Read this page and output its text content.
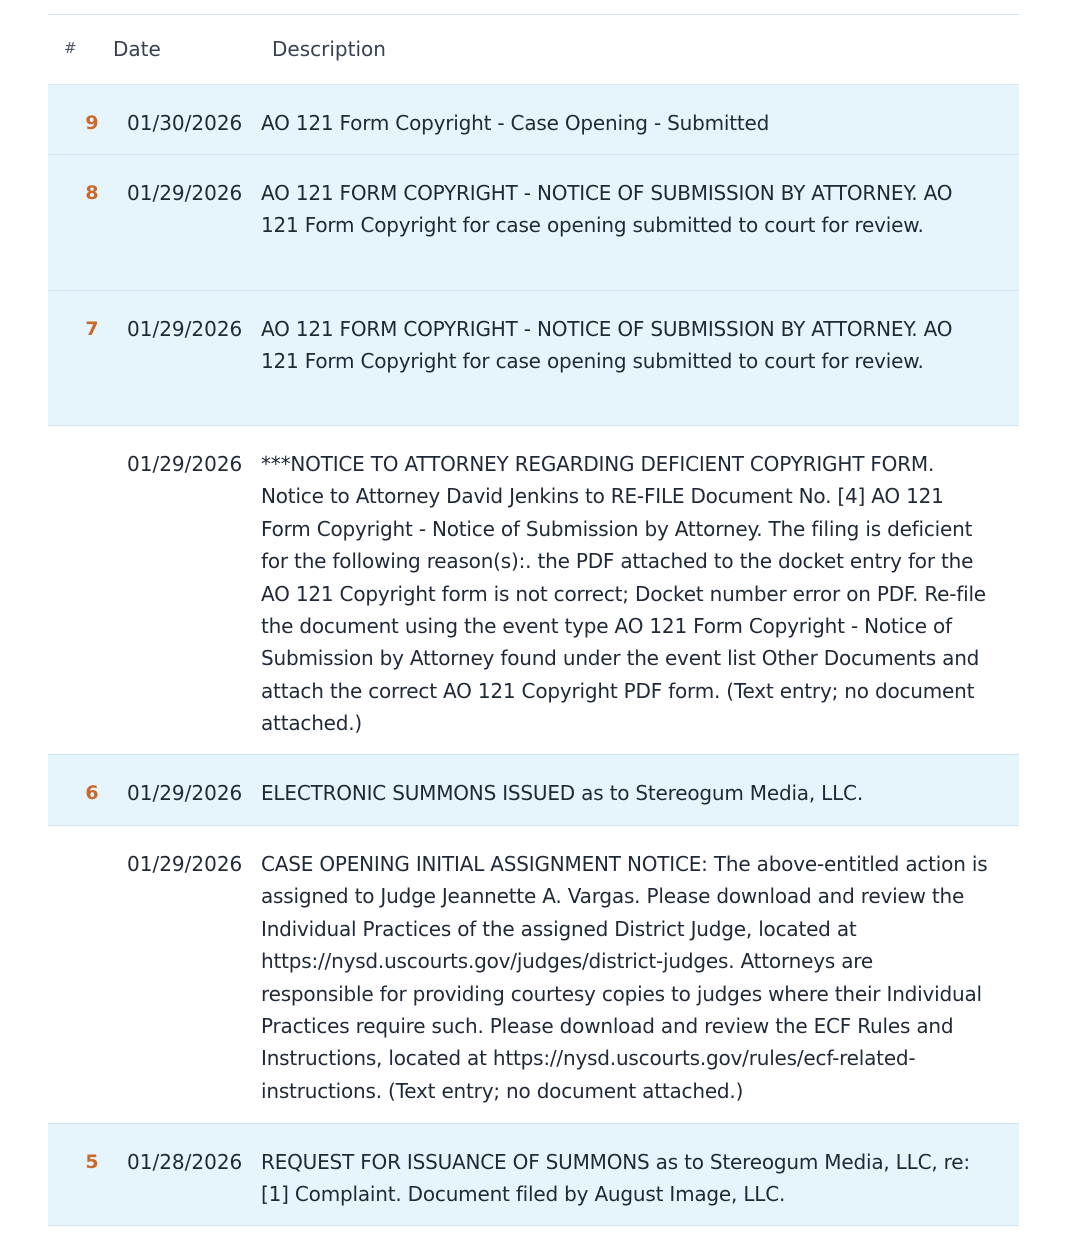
# Date	Description
9 01/30/2026 AO 121 Form Copyright - Case Opening - Submitted
8 01/29/2026 AO 121 FORM COPYRIGHT - NOTICE OF SUBMISSION BY ATTORNEY. AO 121 Form Copyright for case opening submitted to court for review.
7 01/29/2026 AO 121 FORM COPYRIGHT - NOTICE OF SUBMISSION BY ATTORNEY. AO 121 Form Copyright for case opening submitted to court for review.
01/29/2026 ***NOTICE TO ATTORNEY REGARDING DEFICIENT COPYRIGHT FORM. Notice to Attorney David Jenkins to RE-FILE Document No. [4] AO 121 Form Copyright - Notice of Submission by Attorney. The filing is deficient for the following reason(s):. the PDF attached to the docket entry for the AO 121 Copyright form is not correct; Docket number error on PDF. Re-file the document using the event type AO 121 Form Copyright - Notice of Submission by Attorney found under the event list Other Documents and attach the correct AO 121 Copyright PDF form. (Text entry; no document attached.)
6 01/29/2026 ELECTRONIC SUMMONS ISSUED as to Stereogum Media, LLC.
01/29/2026 CASE OPENING INITIAL ASSIGNMENT NOTICE: The above-entitled action is assigned to Judge Jeannette A. Vargas. Please download and review the Individual Practices of the assigned District Judge, located at https://nysd.uscourts.gov/judges/district-judges. Attorneys are responsible for providing courtesy copies to judges where their Individual Practices require such. Please download and review the ECF Rules and Instructions, located at https://nysd.uscourts.gov/rules/ecf-related-instructions. (Text entry; no document attached.)
5 01/28/2026 REQUEST FOR ISSUANCE OF SUMMONS as to Stereogum Media, LLC, re: [1] Complaint. Document filed by August Image, LLC.
